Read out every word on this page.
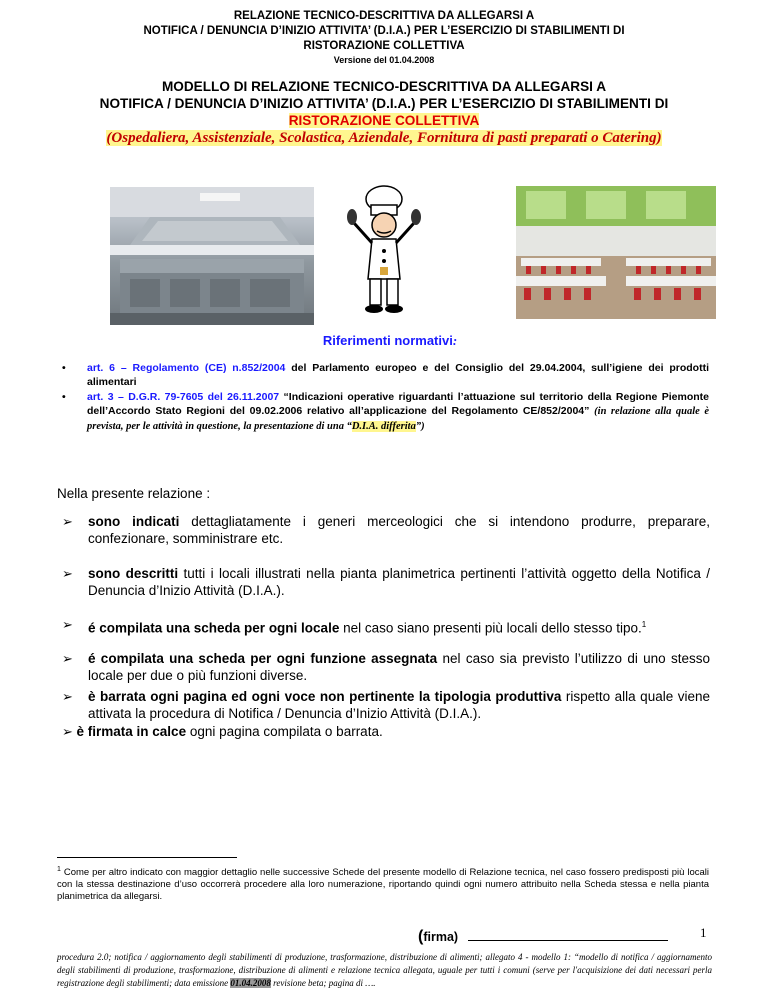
RELAZIONE TECNICO-DESCRITTIVA DA ALLEGARSI A
NOTIFICA / DENUNCIA D’INIZIO ATTIVITA’ (D.I.A.) PER L’ESERCIZIO DI STABILIMENTI DI
RISTORAZIONE COLLETTIVA
Versione del 01.04.2008
MODELLO DI RELAZIONE TECNICO-DESCRITTIVA DA ALLEGARSI A
NOTIFICA / DENUNCIA D’INIZIO ATTIVITA’ (D.I.A.) PER L’ESERCIZIO DI STABILIMENTI DI
RISTORAZIONE COLLETTIVA
(Ospedaliera, Assistenziale, Scolastica, Aziendale, Fornitura di pasti preparati o Catering)
Riferimenti normativi:
• art. 6 – Regolamento (CE) n.852/2004 del Parlamento europeo e del Consiglio del 29.04.2004, sull’igiene dei prodotti alimentari
• art. 3 – D.G.R. 79-7605 del 26.11.2007 “Indicazioni operative riguardanti l’attuazione sul territorio della Regione Piemonte dell’Accordo Stato Regioni del 09.02.2006 relativo all’applicazione del Regolamento CE/852/2004” (in relazione alla quale è prevista, per le attività in questione, la presentazione di una “D.I.A. differita”)
Nella presente relazione :
➢ sono indicati dettagliatamente i generi merceologici che si intendono produrre, preparare, confezionare, somministrare etc.
➢ sono descritti tutti i locali illustrati nella pianta planimetrica pertinenti l’attività oggetto della Notifica / Denuncia d’Inizio Attività (D.I.A.).
➢ é compilata una scheda per ogni locale nel caso siano presenti più locali dello stesso tipo.$^1$
➢ é compilata una scheda per ogni funzione assegnata nel caso sia previsto l’utilizzo di uno stesso locale per due o più funzioni diverse.
➢ è barrata ogni pagina ed ogni voce non pertinente la tipologia produttiva rispetto alla quale viene attivata la procedura di Notifica / Denuncia d’Inizio Attività (D.I.A.).
➢ è firmata in calce ogni pagina compilata o barrata.
$^1$ Come per altro indicato con maggior dettaglio nelle successive Schede del presente modello di Relazione tecnica, nel caso fossero predisposti più locali con la stessa destinazione d’uso occorrerà procedere alla loro numerazione, riportando quindi ogni numero attribuito nella Scheda stessa e nella pianta planimetrica da allegarsi.
(firma)	1
procedura 2.0; notifica / aggiornamento degli stabilimenti di produzione, trasformazione, distribuzione di alimenti; allegato 4 - modello 1: “modello di notifica / aggiornamento degli stabilimenti di produzione, trasformazione, distribuzione di alimenti e relazione tecnica allegata, uguale per tutti i comuni (serve per l'acquisizione dei dati necessari perla registrazione degli stabilimenti; data emissione 01.04.2008 revisione beta; pagina di ….
